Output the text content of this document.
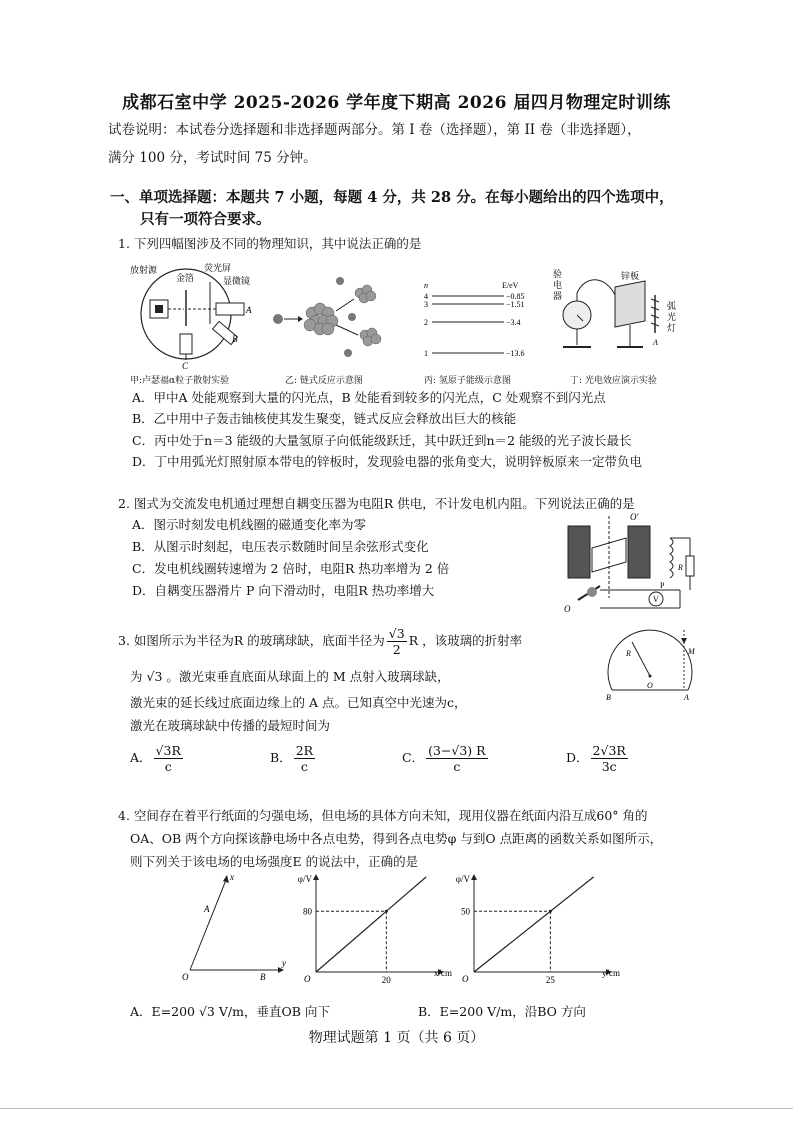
成都石室中学 2025-2026 学年度下期高 2026 届四月物理定时训练
试卷说明：本试卷分选择题和非选择题两部分。第 I 卷（选择题），第 II 卷（非选择题），
满分 100 分，考试时间 75 分钟。
一、单项选择题：本题共 7 小题，每题 4 分，共 28 分。在每小题给出的四个选项中，
只有一项符合要求。
1. 下列四幅图涉及不同的物理知识，其中说法正确的是
放射源
金箔
荧光屏
显微镜
A
B
C
甲:卢瑟福α粒子散射实验	乙: 链式反应示意图
n	E/eV
4
3
2
1
−0.85
−1.51
−3.4
−13.6
丙: 氢原子能级示意图
验
电
器
锌板
弧
光
灯
A
丁: 光电效应演示实验
A．甲中A 处能观察到大量的闪光点，B 处能看到较多的闪光点，C 处观察不到闪光点
B．乙中用中子轰击铀核使其发生聚变，链式反应会释放出巨大的核能
C．丙中处于n＝3 能级的大量氢原子向低能级跃迁，其中跃迁到n＝2 能级的光子波长最长
D．丁中用弧光灯照射原本带电的锌板时，发现验电器的张角变大，说明锌板原来一定带负电
2. 图式为交流发电机通过理想自耦变压器为电阻R 供电，不计发电机内阻。下列说法正确的是
A．图示时刻发电机线圈的磁通变化率为零
B．从图示时刻起，电压表示数随时间呈余弦形式变化
C．发电机线圈转速增为 2 倍时，电阻R 热功率增为 2 倍
D．自耦变压器滑片 P 向下滑动时，电阻R 热功率增大
O′
O
V
R
P
3. 如图所示为半径为R 的玻璃球缺，底面半径为 $\frac{√3}{2}$ R ，该玻璃的折射率
为 √3 。激光束垂直底面从球面上的 M 点射入玻璃球缺，
激光束的延长线过底面边缘上的 A 点。已知真空中光速为c，
激光在玻璃球缺中传播的最短时间为
R	M
O
B	A
A． $\frac{√3R}{c}$	B． $\frac{2R}{c}$	C． $\frac{(3-√3) R}{c}$	D． $\frac{2√3R}{3c}$
4. 空间存在着平行纸面的匀强电场，但电场的具体方向未知，现用仪器在纸面内沿互成60° 角的
OA、OB 两个方向探该静电场中各点电势，得到各点电势φ 与到O 点距离的函数关系如图所示，
则下列关于该电场的电场强度E 的说法中，正确的是
x
y
A
B
O
φ/V
x/cm
O
80
20
φ/V
y/cm
O
50
25
A．E=200 √3 V/m，垂直OB 向下	B．E=200 V/m，沿BO 方向
物理试题第 1 页（共 6 页）
